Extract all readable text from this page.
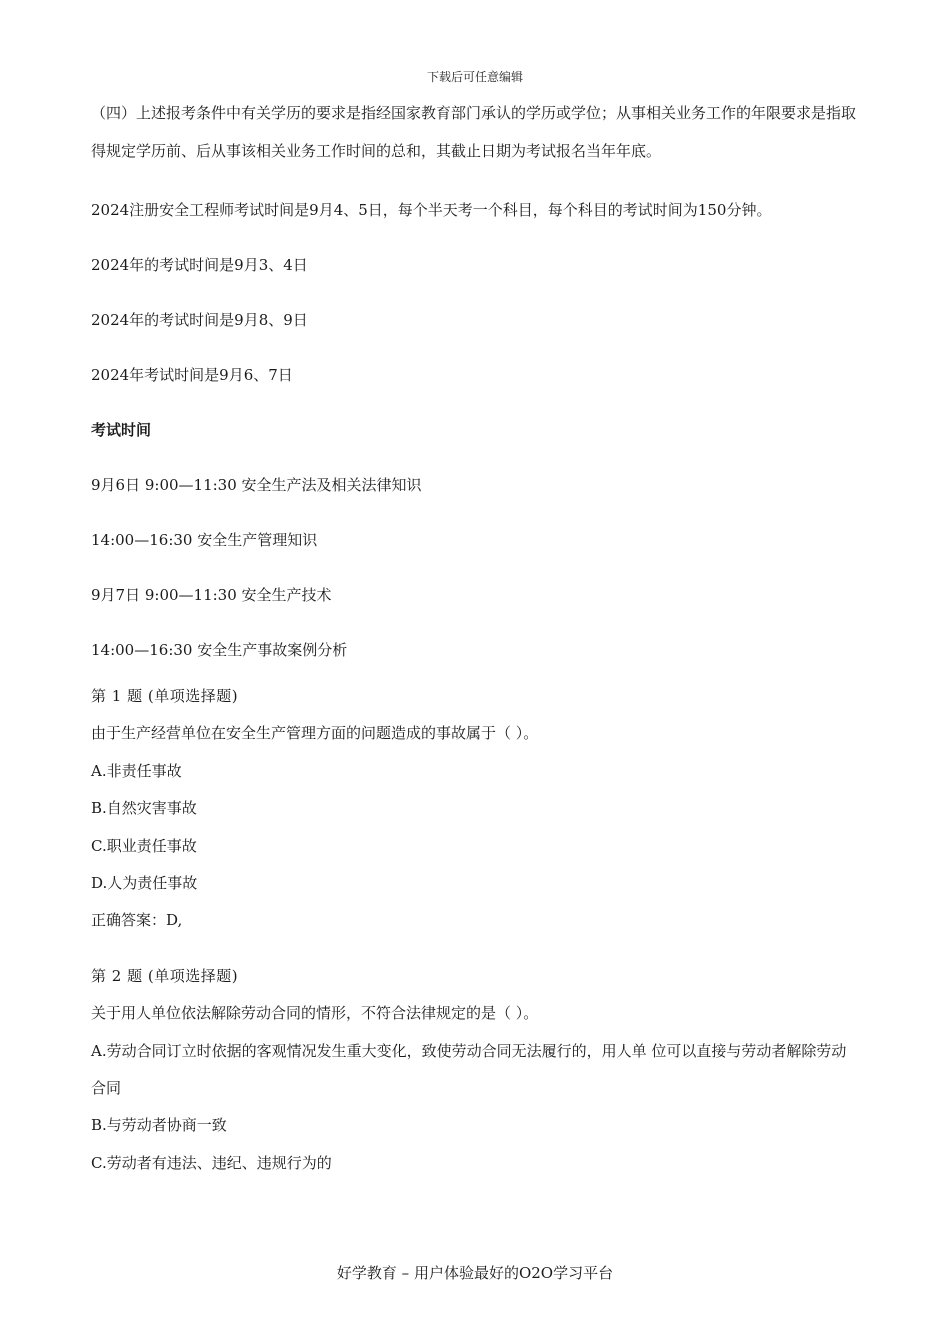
下载后可任意编辑

（四）上述报考条件中有关学历的要求是指经国家教育部门承认的学历或学位；从事相关业务工作的年限要求是指取得规定学历前、后从事该相关业务工作时间的总和，其截止日期为考试报名当年年底。

2024注册安全工程师考试时间是9月4、5日，每个半天考一个科目，每个科目的考试时间为150分钟。

2024年的考试时间是9月3、4日

2024年的考试时间是9月8、9日

2024年考试时间是9月6、7日

考试时间

9月6日 9:00—11:30 安全生产法及相关法律知识

14:00—16:30 安全生产管理知识

9月7日 9:00—11:30 安全生产技术

14:00—16:30 安全生产事故案例分析

第 1 题 (单项选择题)

由于生产经营单位在安全生产管理方面的问题造成的事故属于（ ）。

A.非责任事故

B.自然灾害事故

C.职业责任事故

D.人为责任事故

正确答案：D,

第 2 题 (单项选择题)

关于用人单位依法解除劳动合同的情形，不符合法律规定的是（ ）。

A.劳动合同订立时依据的客观情况发生重大变化，致使劳动合同无法履行的，用人单 位可以直接与劳动者解除劳动合同

B.与劳动者协商一致

C.劳动者有违法、违纪、违规行为的

好学教育 – 用户体验最好的O2O学习平台
